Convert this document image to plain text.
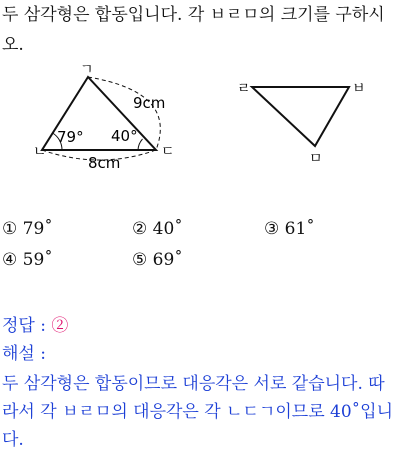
두 삼각형은 합동입니다. 각 ㅂㄹㅁ의 크기를 구하시오.
ㄱ
ㄴ	ㄷ
79° 40°
9cm
8cm
ㄹ	ㅂ
ㅁ
① 79˚	② 40˚	③ 61˚
④ 59˚	⑤ 69˚
정답 : ②
해설 :
두 삼각형은 합동이므로 대응각은 서로 같습니다. 따라서 각 ㅂㄹㅁ의 대응각은 각 ㄴㄷㄱ이므로 40˚입니다.
